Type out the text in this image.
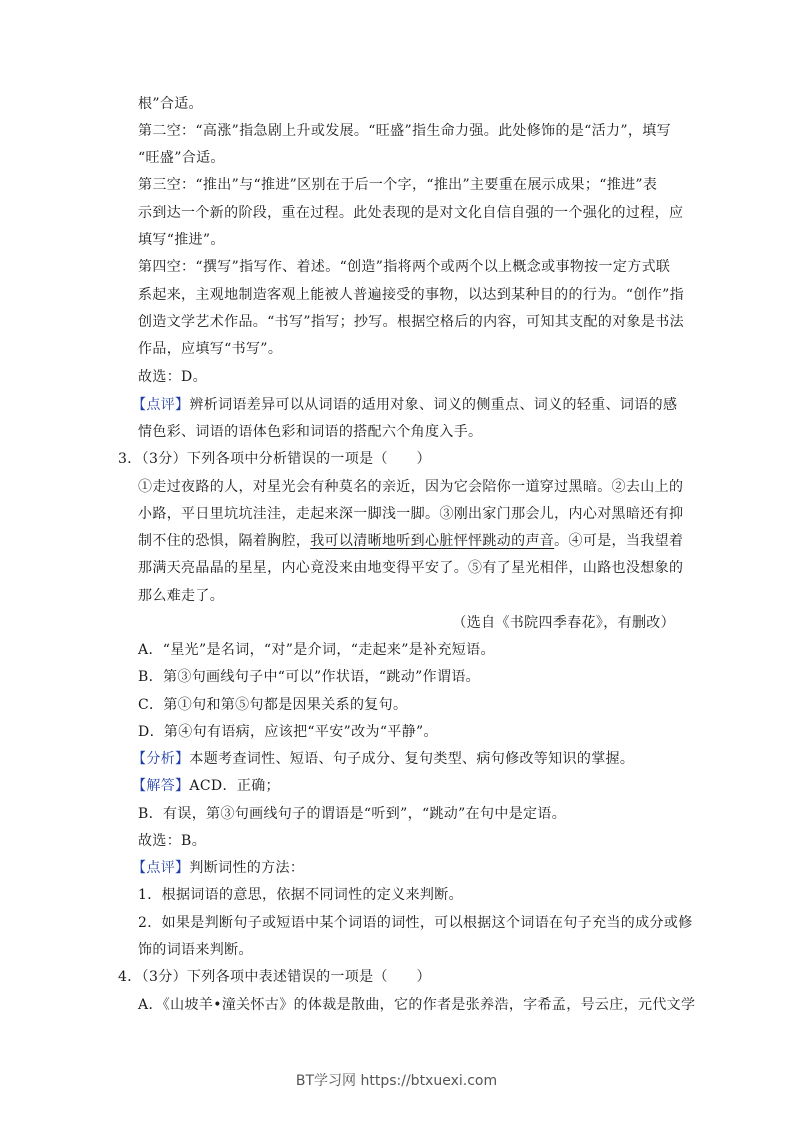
根”合适。
第二空：“高涨”指急剧上升或发展。“旺盛”指生命力强。此处修饰的是“活力”，填写
“旺盛”合适。
第三空：“推出”与“推进”区别在于后一个字，“推出”主要重在展示成果；“推进”表
示到达一个新的阶段，重在过程。此处表现的是对文化自信自强的一个强化的过程，应
填写“推进”。
第四空：“撰写”指写作、着述。“创造”指将两个或两个以上概念或事物按一定方式联
系起来，主观地制造客观上能被人普遍接受的事物，以达到某种目的的行为。“创作”指
创造文学艺术作品。“书写”指写；抄写。根据空格后的内容，可知其支配的对象是书法
作品，应填写“书写”。
故选：D。
【点评】辨析词语差异可以从词语的适用对象、词义的侧重点、词义的轻重、词语的感
情色彩、词语的语体色彩和词语的搭配六个角度入手。
3．（3分）下列各项中分析错误的一项是（　　）
①走过夜路的人，对星光会有种莫名的亲近，因为它会陪你一道穿过黑暗。②去山上的
小路，平日里坑坑洼洼，走起来深一脚浅一脚。③刚出家门那会儿，内心对黑暗还有抑
制不住的恐惧，隔着胸腔，我可以清晰地听到心脏怦怦跳动的声音。④可是，当我望着
那满天亮晶晶的星星，内心竟没来由地变得平安了。⑤有了星光相伴，山路也没想象的
那么难走了。
（选自《书院四季春花》，有删改）
A．“星光”是名词，“对”是介词，“走起来”是补充短语。
B．第③句画线句子中“可以”作状语，“跳动”作谓语。
C．第①句和第⑤句都是因果关系的复句。
D．第④句有语病，应该把“平安”改为“平静”。
【分析】本题考查词性、短语、句子成分、复句类型、病句修改等知识的掌握。
【解答】ACD．正确；
B．有误，第③句画线句子的谓语是“听到”，“跳动”在句中是定语。
故选：B。
【点评】判断词性的方法：
1．根据词语的意思，依据不同词性的定义来判断。
2．如果是判断句子或短语中某个词语的词性，可以根据这个词语在句子充当的成分或修
饰的词语来判断。
4．（3分）下列各项中表述错误的一项是（　　）
A．《山坡羊•潼关怀古》的体裁是散曲，它的作者是张养浩，字希孟，号云庄，元代文学
BT学习网 https://btxuexi.com
